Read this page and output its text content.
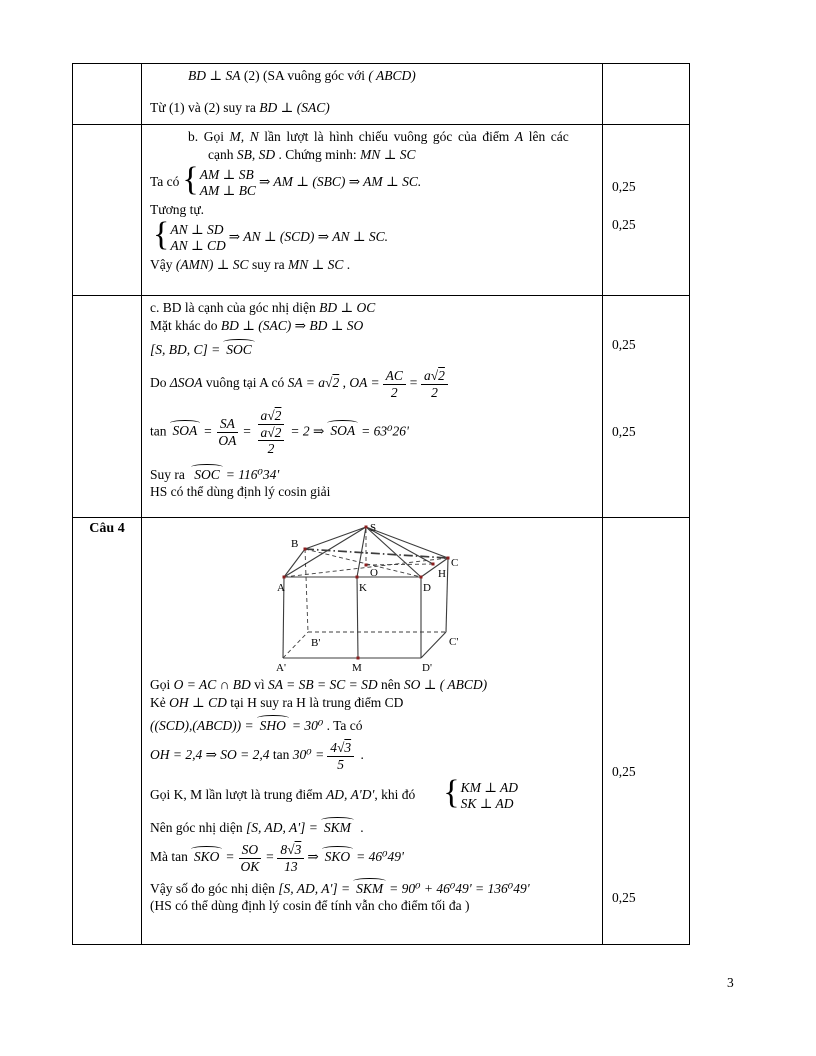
BD ⊥ SA (2) (SA vuông góc với ( ABCD)
Từ (1) và (2) suy ra BD ⊥ (SAC)
b. Gọi M, N lần lượt là hình chiếu vuông góc của điểm A lên các
cạnh SB, SD . Chứng minh: MN ⊥ SC
Ta có { AM ⊥ SB
AM ⊥ BC
⇒ AM ⊥ (SBC) ⇒ AM ⊥ SC.
Tương tự.
{
AN ⊥ SD
AN ⊥ CD
⇒ AN ⊥ (SCD) ⇒ AN ⊥ SC.
Vậy (AMN) ⊥ SC suy ra MN ⊥ SC .
0,25
0,25
c. BD là cạnh của góc nhị diện BD ⊥ OC
Mặt khác do BD ⊥ (SAC) ⇒ BD ⊥ SO
[S, BD, C] = SOC
Do ΔSOA vuông tại A có SA = a √ 2 , OA = $\frac{AC}{2} = \frac{a √ 2}{2}$
tan SOA = $\frac{SA}{OA} = \frac{a √ 2}{\frac{a √ 2}{2}} = 2$ ⇒ SOA = 63⁰26'
Suy ra SOC = 116⁰34'
HS có thể dùng định lý cosin giải
0,25
0,25
Câu 4	S
B
C
A	K
O
D
H
B'	C'
A'	M	D'
Gọi O = AC ∩ BD vì SA = SB = SC = SD nên SO ⊥ ( ABCD)
Kẻ OH ⊥ CD tại H suy ra H là trung điểm CD
((SCD),(ABCD)) = SHO = 30⁰ . Ta có
OH = 2,4 ⇒ SO = 2,4 $\tan 30^0 = \frac{4 √ 3}{5}$ .
Gọi K, M lần lượt là trung điểm AD, A'D', khi đó {	KM ⊥ AD
SK ⊥ AD
Nên góc nhị diện [S, AD, A'] = SKM .
Mà tan SKO = $\frac{SO}{OK} = \frac{8 √ 3}{13}$ ⇒ SKO = 46⁰49'
Vậy số đo góc nhị diện [S, AD, A'] = SKM = 90⁰ + 46⁰49' = 136⁰49'
(HS có thể dùng định lý cosin để tính vẫn cho điểm tối đa )
0,25
0,25
3
